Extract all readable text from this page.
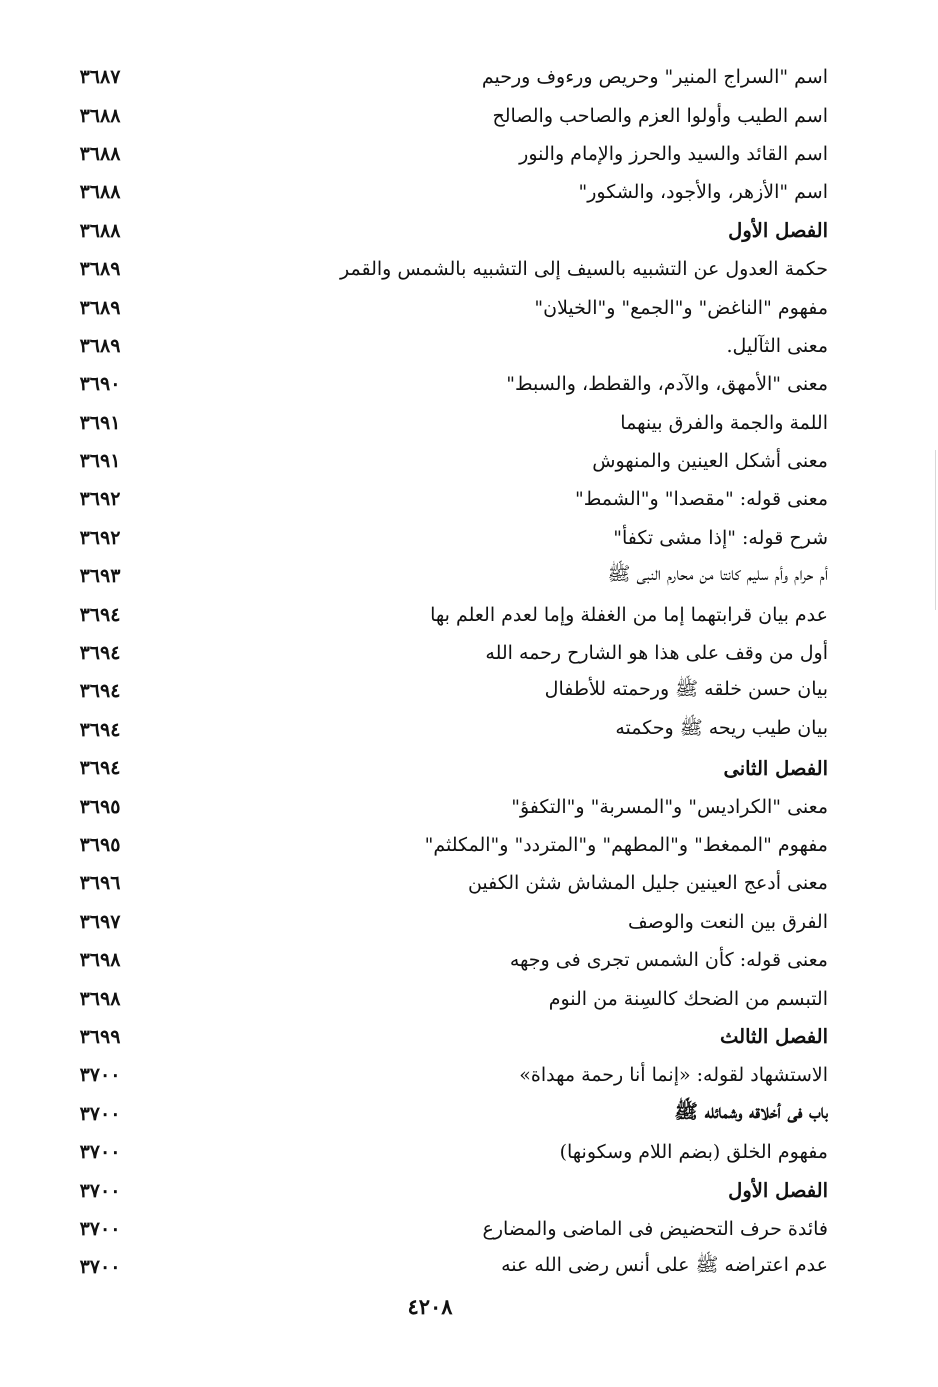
٣٦٨٧	اسم "السراج المنير" وحريص ورءوف ورحيم
٣٦٨٨	اسم الطيب وأولوا العزم والصاحب والصالح
٣٦٨٨	اسم القائد والسيد والحرز والإمام والنور
٣٦٨٨	اسم "الأزهر، والأجود، والشكور"
٣٦٨٨	الفصل الأول
٣٦٨٩	حكمة العدول عن التشبيه بالسيف إلى التشبيه بالشمس والقمر
٣٦٨٩	مفهوم "الناغض" و"الجمع" و"الخيلان"
٣٦٨٩	معنى الثآليل.
٣٦٩٠	معنى "الأمهق، والآدم، والقطط، والسبط"
٣٦٩١	اللمة والجمة والفرق بينهما
٣٦٩١	معنى أشكل العينين والمنهوش
٣٦٩٢	معنى قوله: "مقصدا" و"الشمط"
٣٦٩٢	شرح قوله: "إذا مشى تكفأ"
٣٦٩٣	أم حرام وأم سليم كانتا من محارم النبى ﷺ
٣٦٩٤	عدم بيان قرابتهما إما من الغفلة وإما لعدم العلم بها
٣٦٩٤	أول من وقف على هذا هو الشارح رحمه الله
٣٦٩٤	بيان حسن خلقه ﷺ ورحمته للأطفال
٣٦٩٤	بيان طيب ريحه ﷺ وحكمته
٣٦٩٤	الفصل الثانى
٣٦٩٥	معنى "الكراديس" و"المسربة" و"التكفؤ"
٣٦٩٥	مفهوم "الممغط" و"المطهم" و"المتردد" و"المكلثم"
٣٦٩٦	معنى أدعج العينين جليل المشاش شثن الكفين
٣٦٩٧	الفرق بين النعت والوصف
٣٦٩٨	معنى قوله: كأن الشمس تجرى فى وجهه
٣٦٩٨	التبسم من الضحك كالسِنة من النوم
٣٦٩٩	الفصل الثالث
٣٧٠٠	الاستشهاد لقوله: «إنما أنا رحمة مهداة»
٣٧٠٠	باب فى أخلاقه وشمائله ﷺ
٣٧٠٠	مفهوم الخلق (بضم اللام وسكونها)
٣٧٠٠	الفصل الأول
٣٧٠٠	فائدة حرف التحضيض فى الماضى والمضارع
٣٧٠٠	عدم اعتراضه ﷺ على أنس رضى الله عنه
٤٢٠٨
